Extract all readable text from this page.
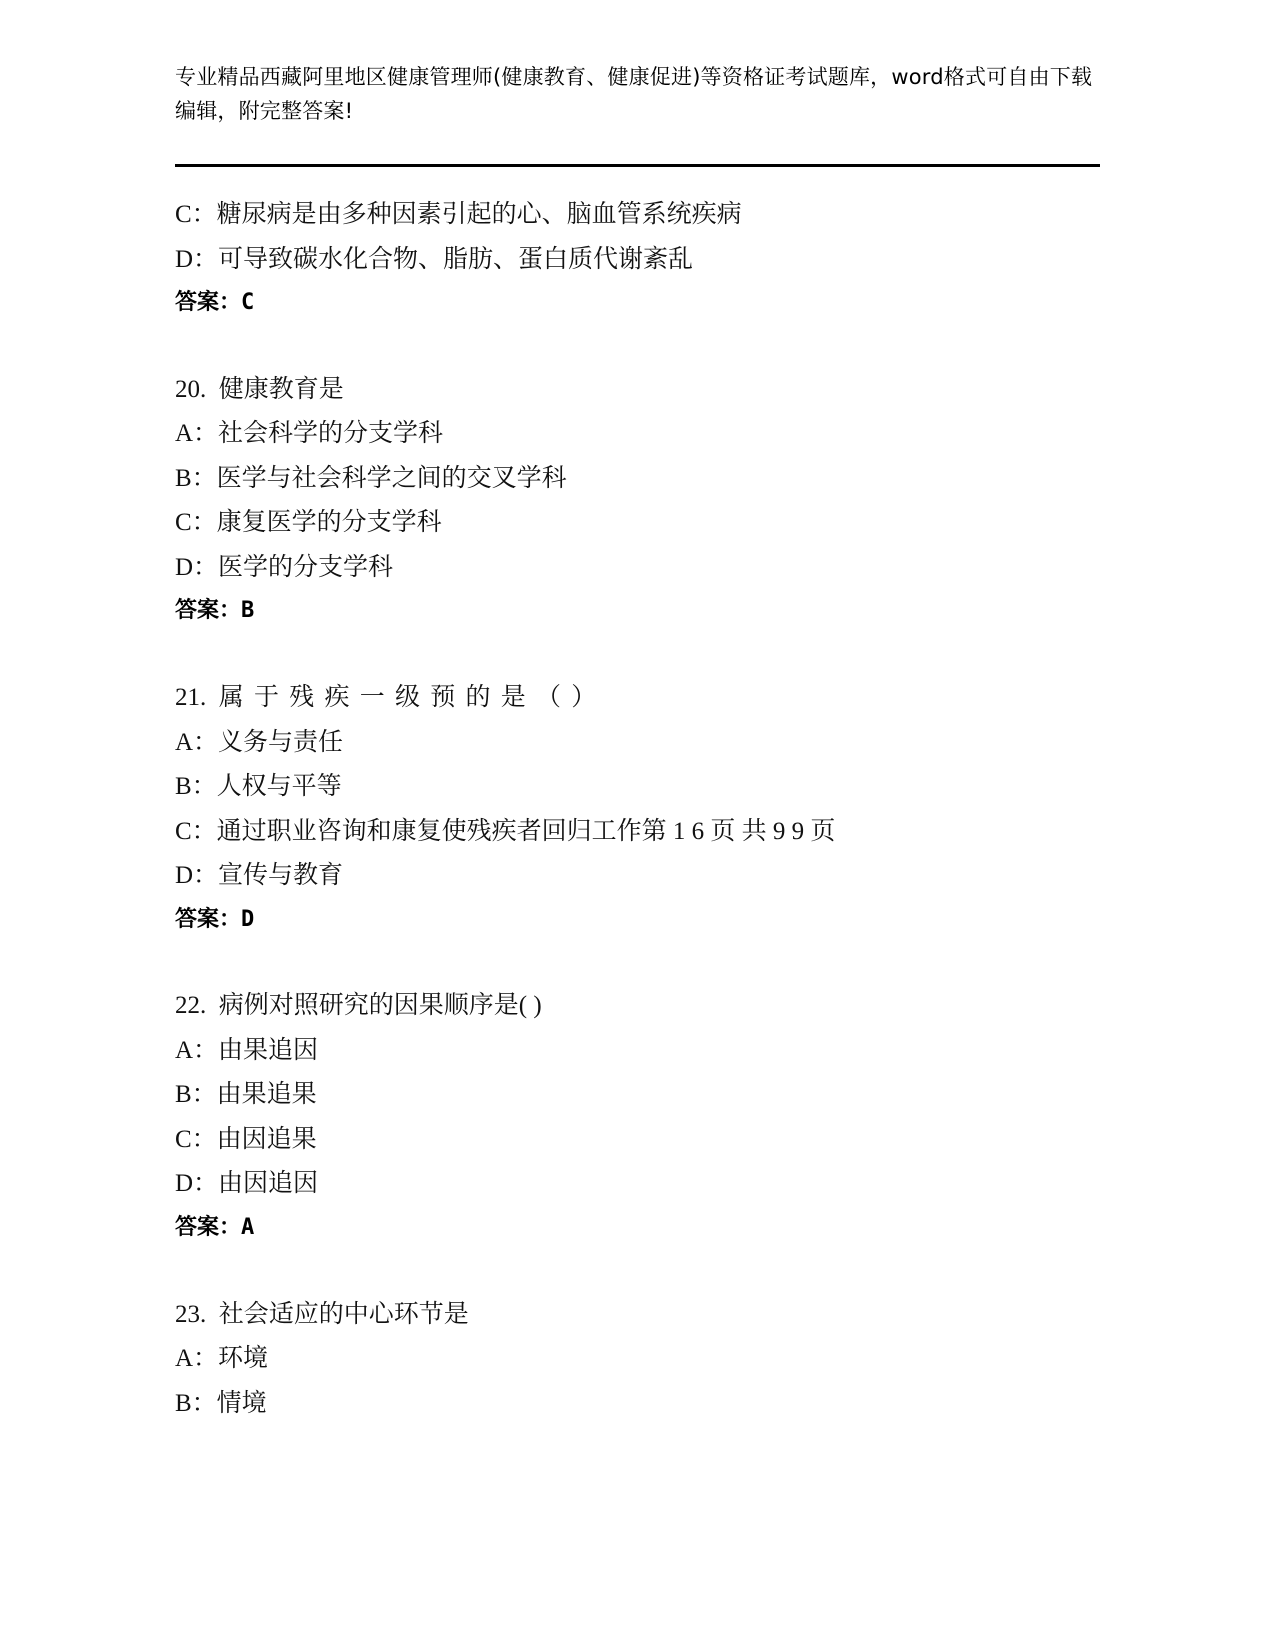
专业精品西藏阿里地区健康管理师(健康教育、健康促进)等资格证考试题库，word格式可自由下载编辑，附完整答案!
C：糖尿病是由多种因素引起的心、脑血管系统疾病
D：可导致碳水化合物、脂肪、蛋白质代谢紊乱
答案：C
20. 健康教育是
A：社会科学的分支学科
B：医学与社会科学之间的交叉学科
C：康复医学的分支学科
D：医学的分支学科
答案：B
21. 属 于 残 疾 一 级 预 的 是 （ ）
A：义务与责任
B：人权与平等
C：通过职业咨询和康复使残疾者回归工作第 1 6 页 共 9 9 页
D：宣传与教育
答案：D
22. 病例对照研究的因果顺序是( )
A：由果追因
B：由果追果
C：由因追果
D：由因追因
答案：A
23. 社会适应的中心环节是
A：环境
B：情境
